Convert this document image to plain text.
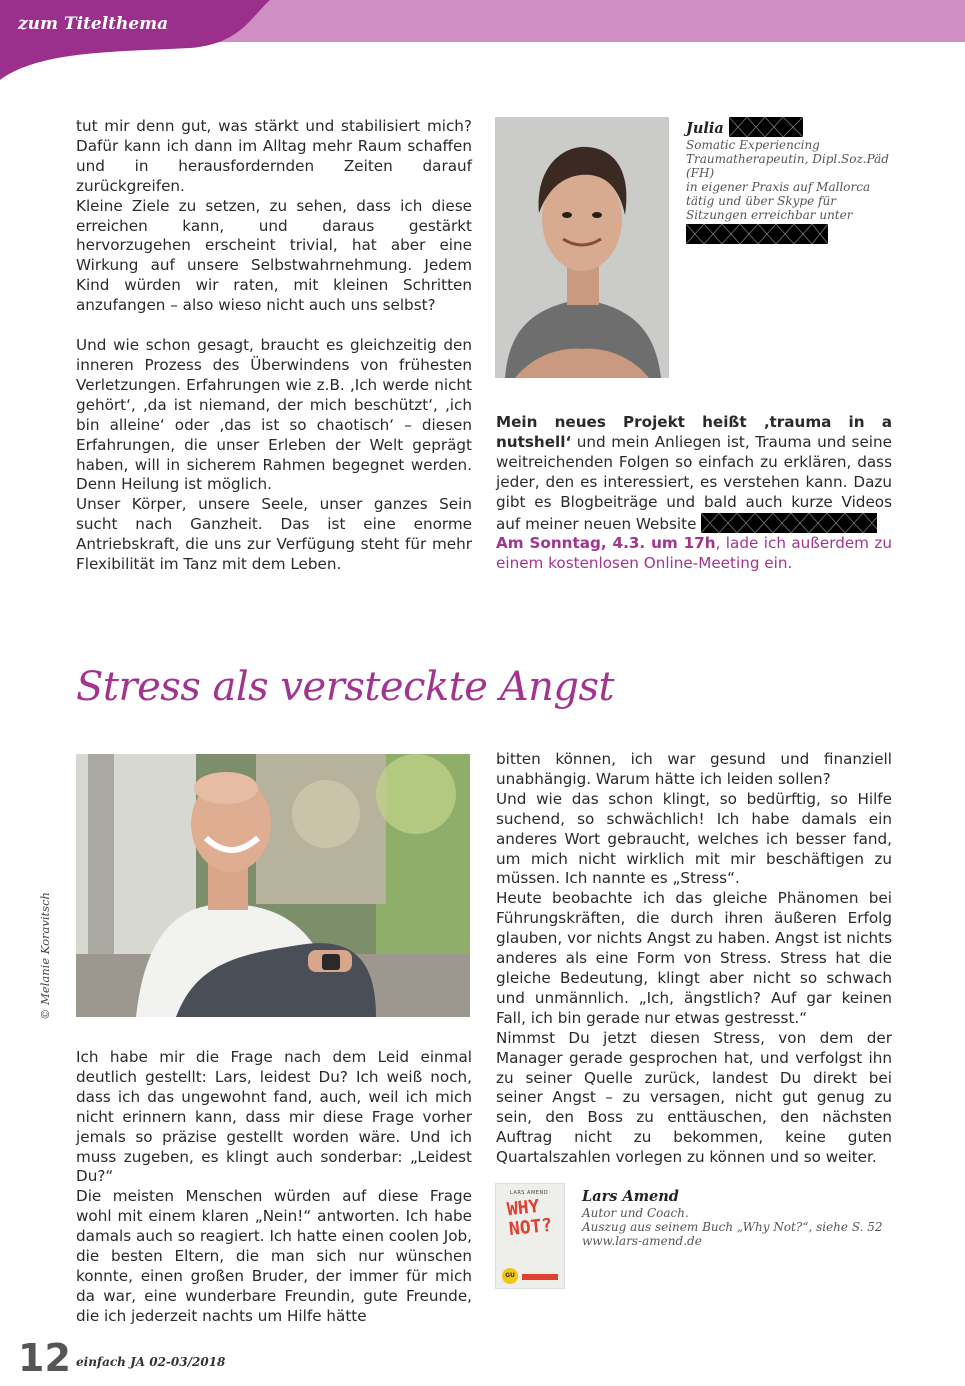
zum Titelthema

tut mir denn gut, was stärkt und stabilisiert mich? Dafür kann ich dann im Alltag mehr Raum schaffen und in herausfordernden Zeiten darauf zurückgreifen.

Kleine Ziele zu setzen, zu sehen, dass ich diese erreichen kann, und daraus gestärkt hervorzugehen erscheint trivial, hat aber eine Wirkung auf unsere Selbstwahrnehmung. Jedem Kind würden wir raten, mit kleinen Schritten anzufangen – also wieso nicht auch uns selbst?

Und wie schon gesagt, braucht es gleichzeitig den inneren Prozess des Überwindens von frühesten Verletzungen. Erfahrungen wie z.B. ‚Ich werde nicht gehört‘, ‚da ist niemand, der mich beschützt‘, ‚ich bin alleine‘ oder ‚das ist so chaotisch‘ – diesen Erfahrungen, die unser Erleben der Welt geprägt haben, will in sicherem Rahmen begegnet werden. Denn Heilung ist möglich.

Unser Körper, unsere Seele, unser ganzes Sein sucht nach Ganzheit. Das ist eine enorme Antriebskraft, die uns zur Verfügung steht für mehr Flexibilität im Tanz mit dem Leben.

Julia
Somatic Experiencing Traumatherapeutin, Dipl.Soz.Päd (FH)
in eigener Praxis auf Mallorca tätig und über Skype für Sitzungen erreichbar unter

Mein neues Projekt heißt ‚trauma in a nutshell‘ und mein Anliegen ist, Trauma und seine weitreichenden Folgen so einfach zu erklären, dass jeder, den es interessiert, es verstehen kann. Dazu gibt es Blogbeiträge und bald auch kurze Videos auf meiner neuen Website

Am Sonntag, 4.3. um 17h, lade ich außerdem zu einem kostenlosen Online-Meeting ein.

Stress als versteckte Angst
© Melanie Koravitsch

Ich habe mir die Frage nach dem Leid einmal deutlich gestellt: Lars, leidest Du? Ich weiß noch, dass ich das ungewohnt fand, auch, weil ich mich nicht erinnern kann, dass mir diese Frage vorher jemals so präzise gestellt worden wäre. Und ich muss zugeben, es klingt auch sonderbar: „Leidest Du?“

Die meisten Menschen würden auf diese Frage wohl mit einem klaren „Nein!“ antworten. Ich habe damals auch so reagiert. Ich hatte einen coolen Job, die besten Eltern, die man sich nur wünschen konnte, einen großen Bruder, der immer für mich da war, eine wunderbare Freundin, gute Freunde, die ich jederzeit nachts um Hilfe hätte

bitten können, ich war gesund und finanziell unabhängig. Warum hätte ich leiden sollen?

Und wie das schon klingt, so bedürftig, so Hilfe suchend, so schwächlich! Ich habe damals ein anderes Wort gebraucht, welches ich besser fand, um mich nicht wirklich mit mir beschäftigen zu müssen. Ich nannte es „Stress“.

Heute beobachte ich das gleiche Phänomen bei Führungskräften, die durch ihren äußeren Erfolg glauben, vor nichts Angst zu haben. Angst ist nichts anderes als eine Form von Stress. Stress hat die gleiche Bedeutung, klingt aber nicht so schwach und unmännlich. „Ich, ängstlich? Auf gar keinen Fall, ich bin gerade nur etwas gestresst.“

Nimmst Du jetzt diesen Stress, von dem der Manager gerade gesprochen hat, und verfolgst ihn zu seiner Quelle zurück, landest Du direkt bei seiner Angst – zu versagen, nicht gut genug zu sein, den Boss zu enttäuschen, den nächsten Auftrag nicht zu bekommen, keine guten Quartalszahlen vorlegen zu können und so weiter.

LARS AMEND
WHY
NOT?
GU
Lars Amend
Autor und Coach.
Auszug aus seinem Buch „Why Not?“, siehe S. 52
www.lars-amend.de
12 einfach JA 02-03/2018
